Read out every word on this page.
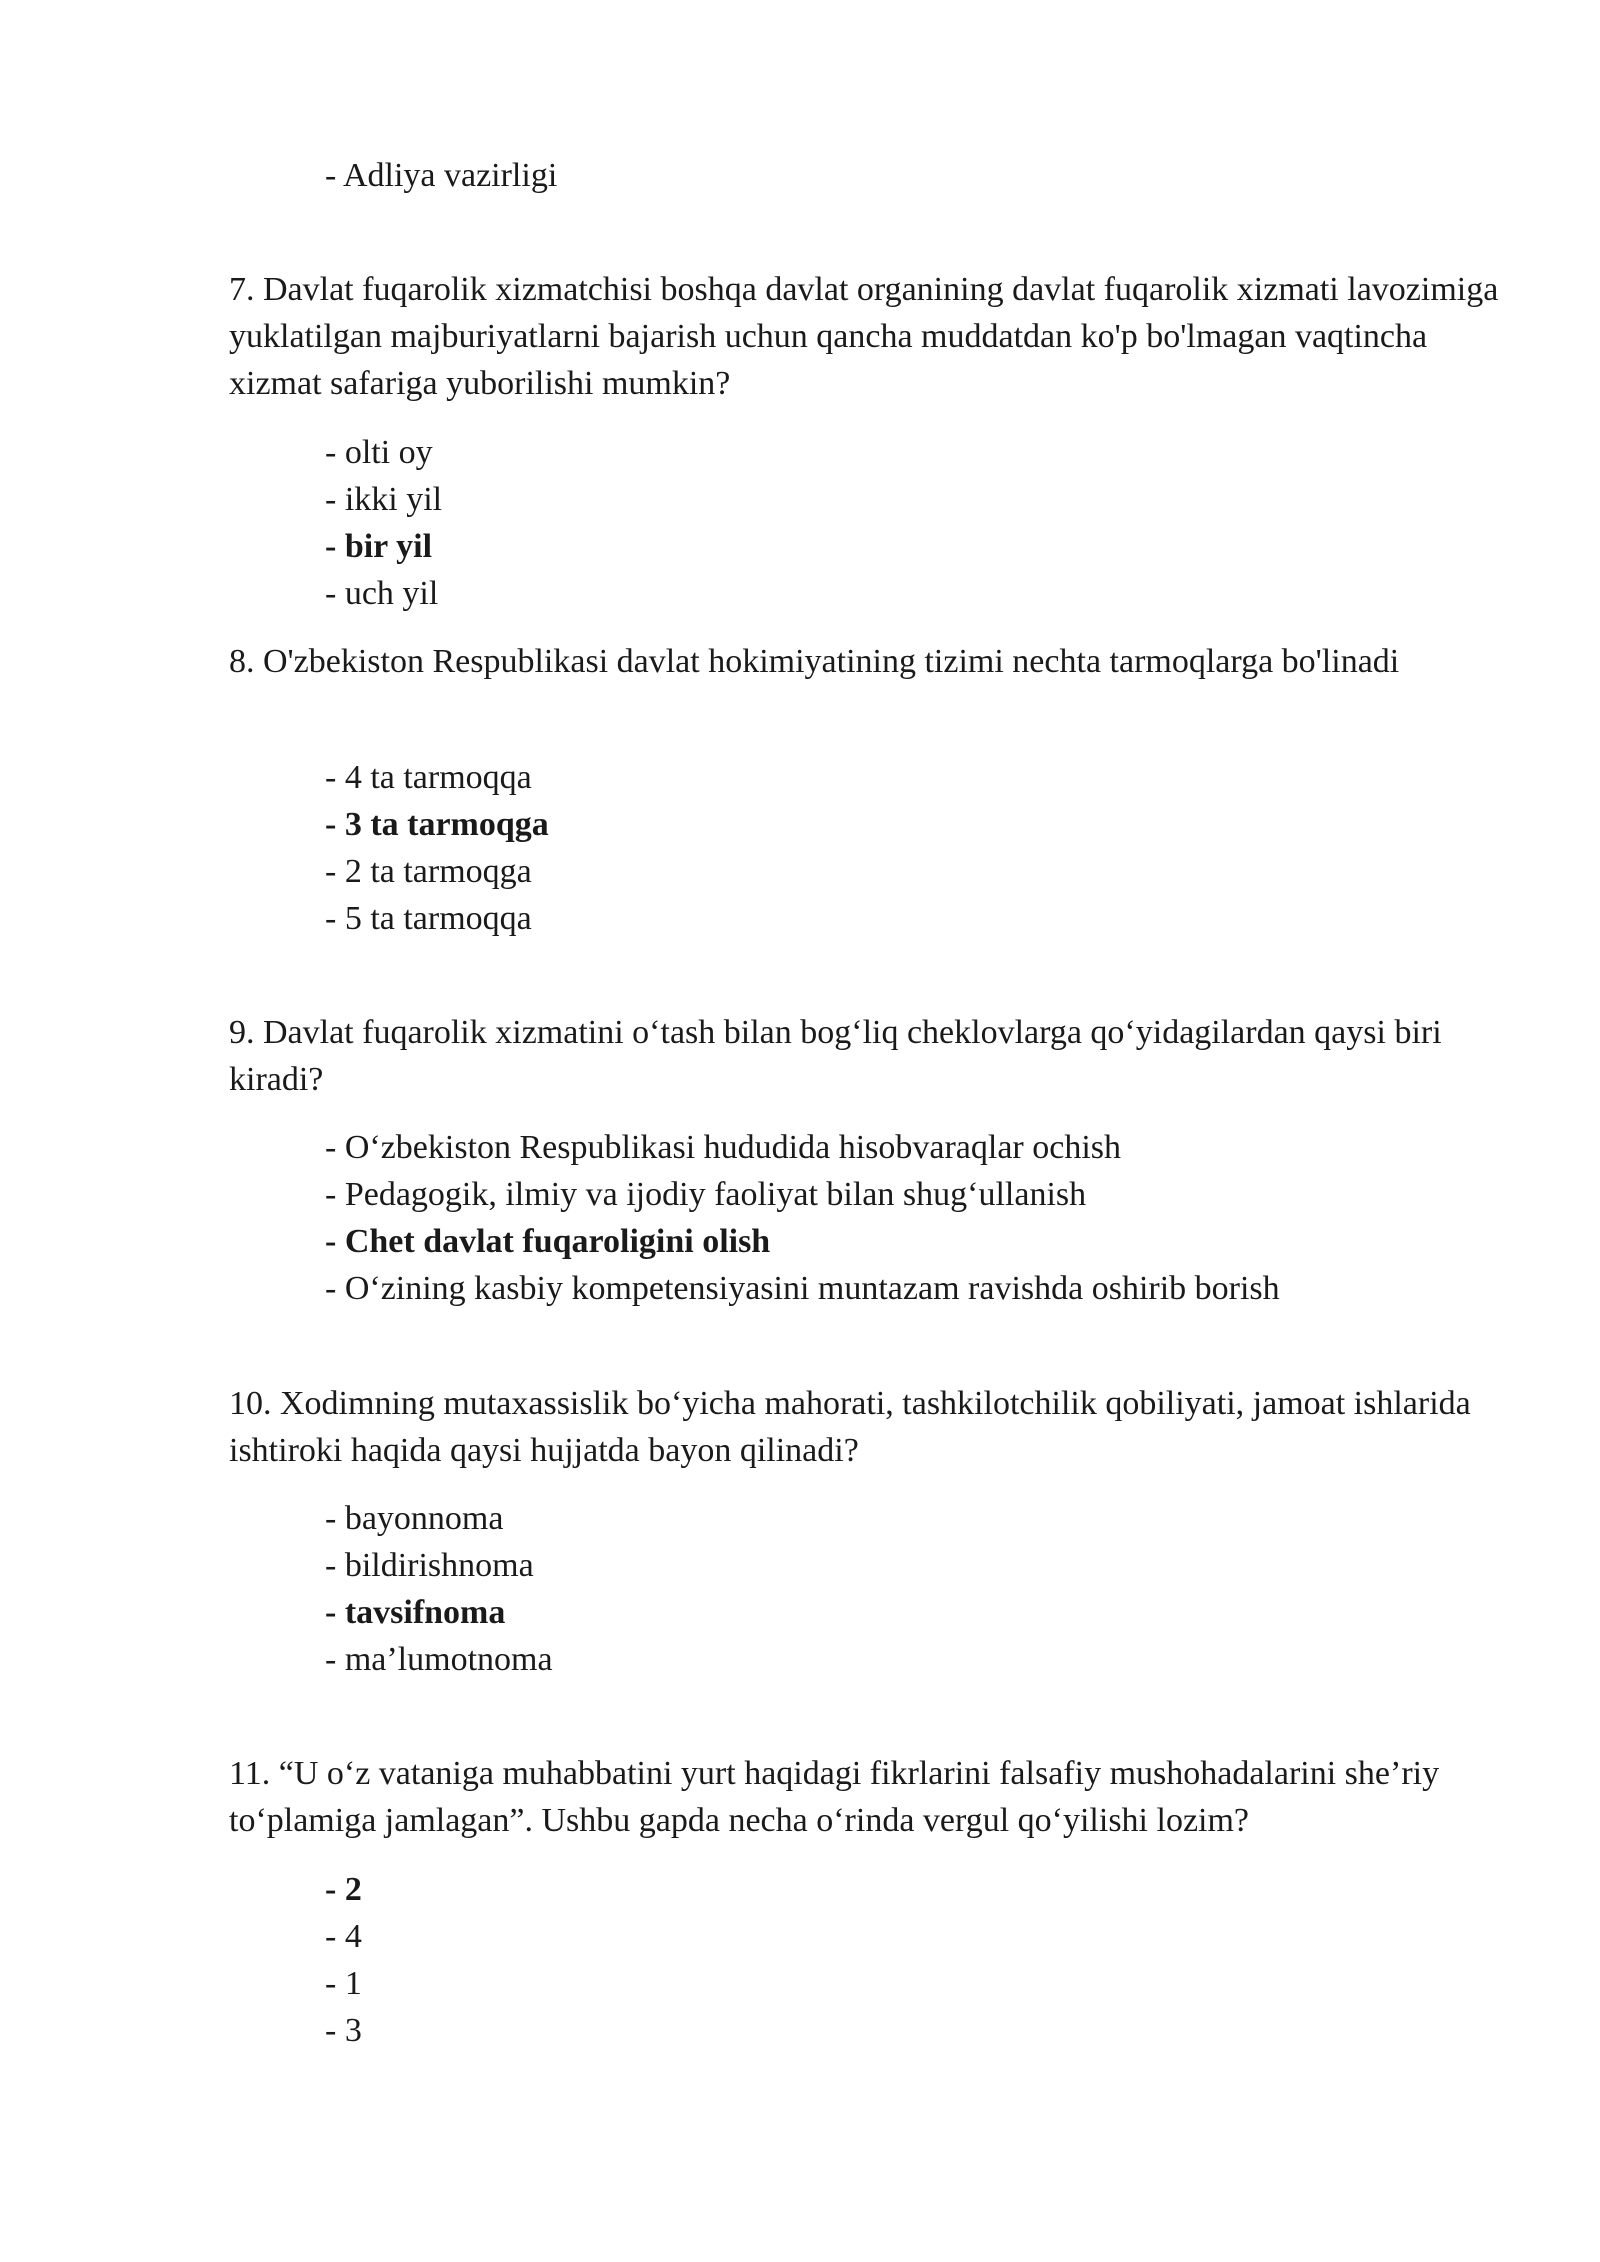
- Adliya vazirligi

7. Davlat fuqarolik xizmatchisi boshqa davlat organining davlat fuqarolik xizmati lavozimiga yuklatilgan majburiyatlarni bajarish uchun qancha muddatdan ko'p bo'lmagan vaqtincha xizmat safariga yuborilishi mumkin?

- olti oy
- ikki yil
- bir yil
- uch yil

8. O'zbekiston Respublikasi davlat hokimiyatining tizimi nechta tarmoqlarga bo'linadi

- 4 ta tarmoqqa
- 3 ta tarmoqga
- 2 ta tarmoqga
- 5 ta tarmoqqa

9. Davlat fuqarolik xizmatini o‘tash bilan bog‘liq cheklovlarga qo‘yidagilardan qaysi biri kiradi?

- O‘zbekiston Respublikasi hududida hisobvaraqlar ochish
- Pedagogik, ilmiy va ijodiy faoliyat bilan shug‘ullanish
- Chet davlat fuqaroligini olish
- O‘zining kasbiy kompetensiyasini muntazam ravishda oshirib borish

10. Xodimning mutaxassislik bo‘yicha mahorati, tashkilotchilik qobiliyati, jamoat ishlarida ishtiroki haqida qaysi hujjatda bayon qilinadi?

- bayonnoma
- bildirishnoma
- tavsifnoma
- ma’lumotnoma

11. “U o‘z vataniga muhabbatini yurt haqidagi fikrlarini falsafiy mushohadalarini she’riy to‘plamiga jamlagan”. Ushbu gapda necha o‘rinda vergul qo‘yilishi lozim?

- 2
- 4
- 1
- 3
